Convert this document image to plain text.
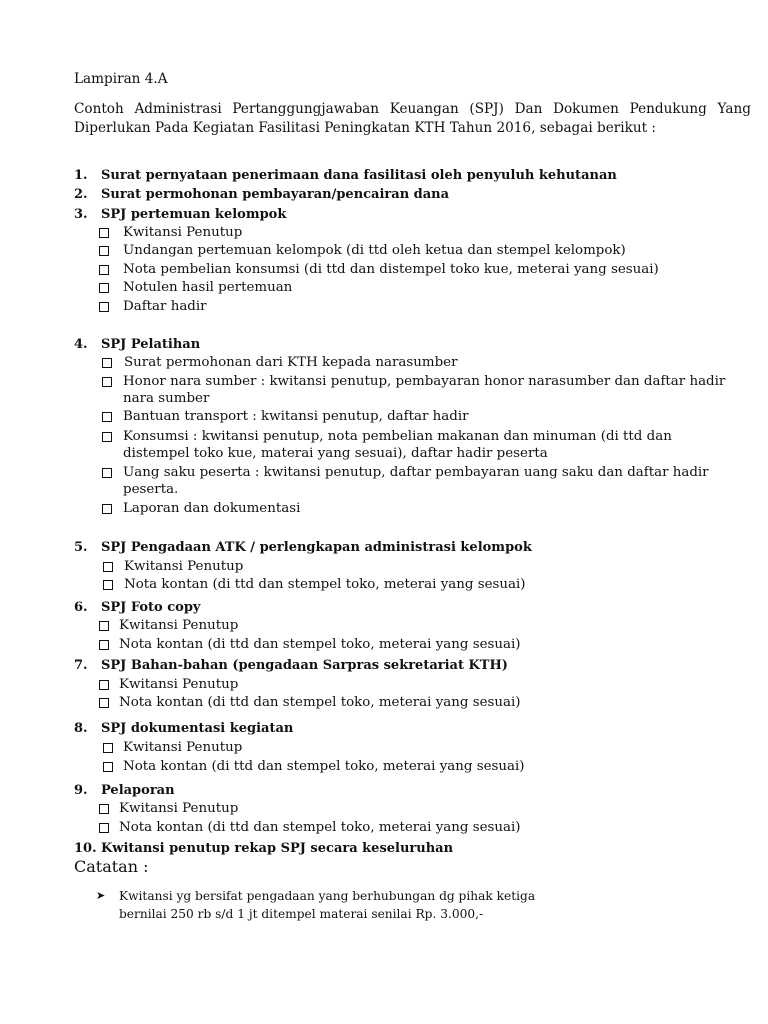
Lampiran 4.A
Contoh Administrasi Pertanggungjawaban Keuangan (SPJ) Dan Dokumen Pendukung Yang
Diperlukan Pada Kegiatan Fasilitasi Peningkatan KTH Tahun 2016, sebagai berikut :
1. Surat pernyataan penerimaan dana fasilitasi oleh penyuluh kehutanan
2. Surat permohonan pembayaran/pencairan dana
3. SPJ pertemuan kelompok
Kwitansi Penutup
Undangan pertemuan kelompok (di ttd oleh ketua dan stempel kelompok)
Nota pembelian konsumsi (di ttd dan distempel toko kue, meterai yang sesuai)
Notulen hasil pertemuan
Daftar hadir
4. SPJ Pelatihan
Surat permohonan dari KTH kepada narasumber
Honor nara sumber : kwitansi penutup, pembayaran honor narasumber dan daftar hadir
nara sumber
Bantuan transport : kwitansi penutup, daftar hadir
Konsumsi : kwitansi penutup, nota pembelian makanan dan minuman (di ttd dan
distempel toko kue, materai yang sesuai), daftar hadir peserta
Uang saku peserta : kwitansi penutup, daftar pembayaran uang saku dan daftar hadir
peserta.
Laporan dan dokumentasi
5. SPJ Pengadaan ATK / perlengkapan administrasi kelompok
Kwitansi Penutup
Nota kontan (di ttd dan stempel toko, meterai yang sesuai)
6. SPJ Foto copy
Kwitansi Penutup
Nota kontan (di ttd dan stempel toko, meterai yang sesuai)
7. SPJ Bahan-bahan (pengadaan Sarpras sekretariat KTH)
Kwitansi Penutup
Nota kontan (di ttd dan stempel toko, meterai yang sesuai)
8. SPJ dokumentasi kegiatan
Kwitansi Penutup
Nota kontan (di ttd dan stempel toko, meterai yang sesuai)
9. Pelaporan
Kwitansi Penutup
Nota kontan (di ttd dan stempel toko, meterai yang sesuai)
10. Kwitansi penutup rekap SPJ secara keseluruhan
Catatan :
➤ Kwitansi yg bersifat pengadaan yang berhubungan dg pihak ketiga
bernilai 250 rb s/d 1 jt ditempel materai senilai Rp. 3.000,-
